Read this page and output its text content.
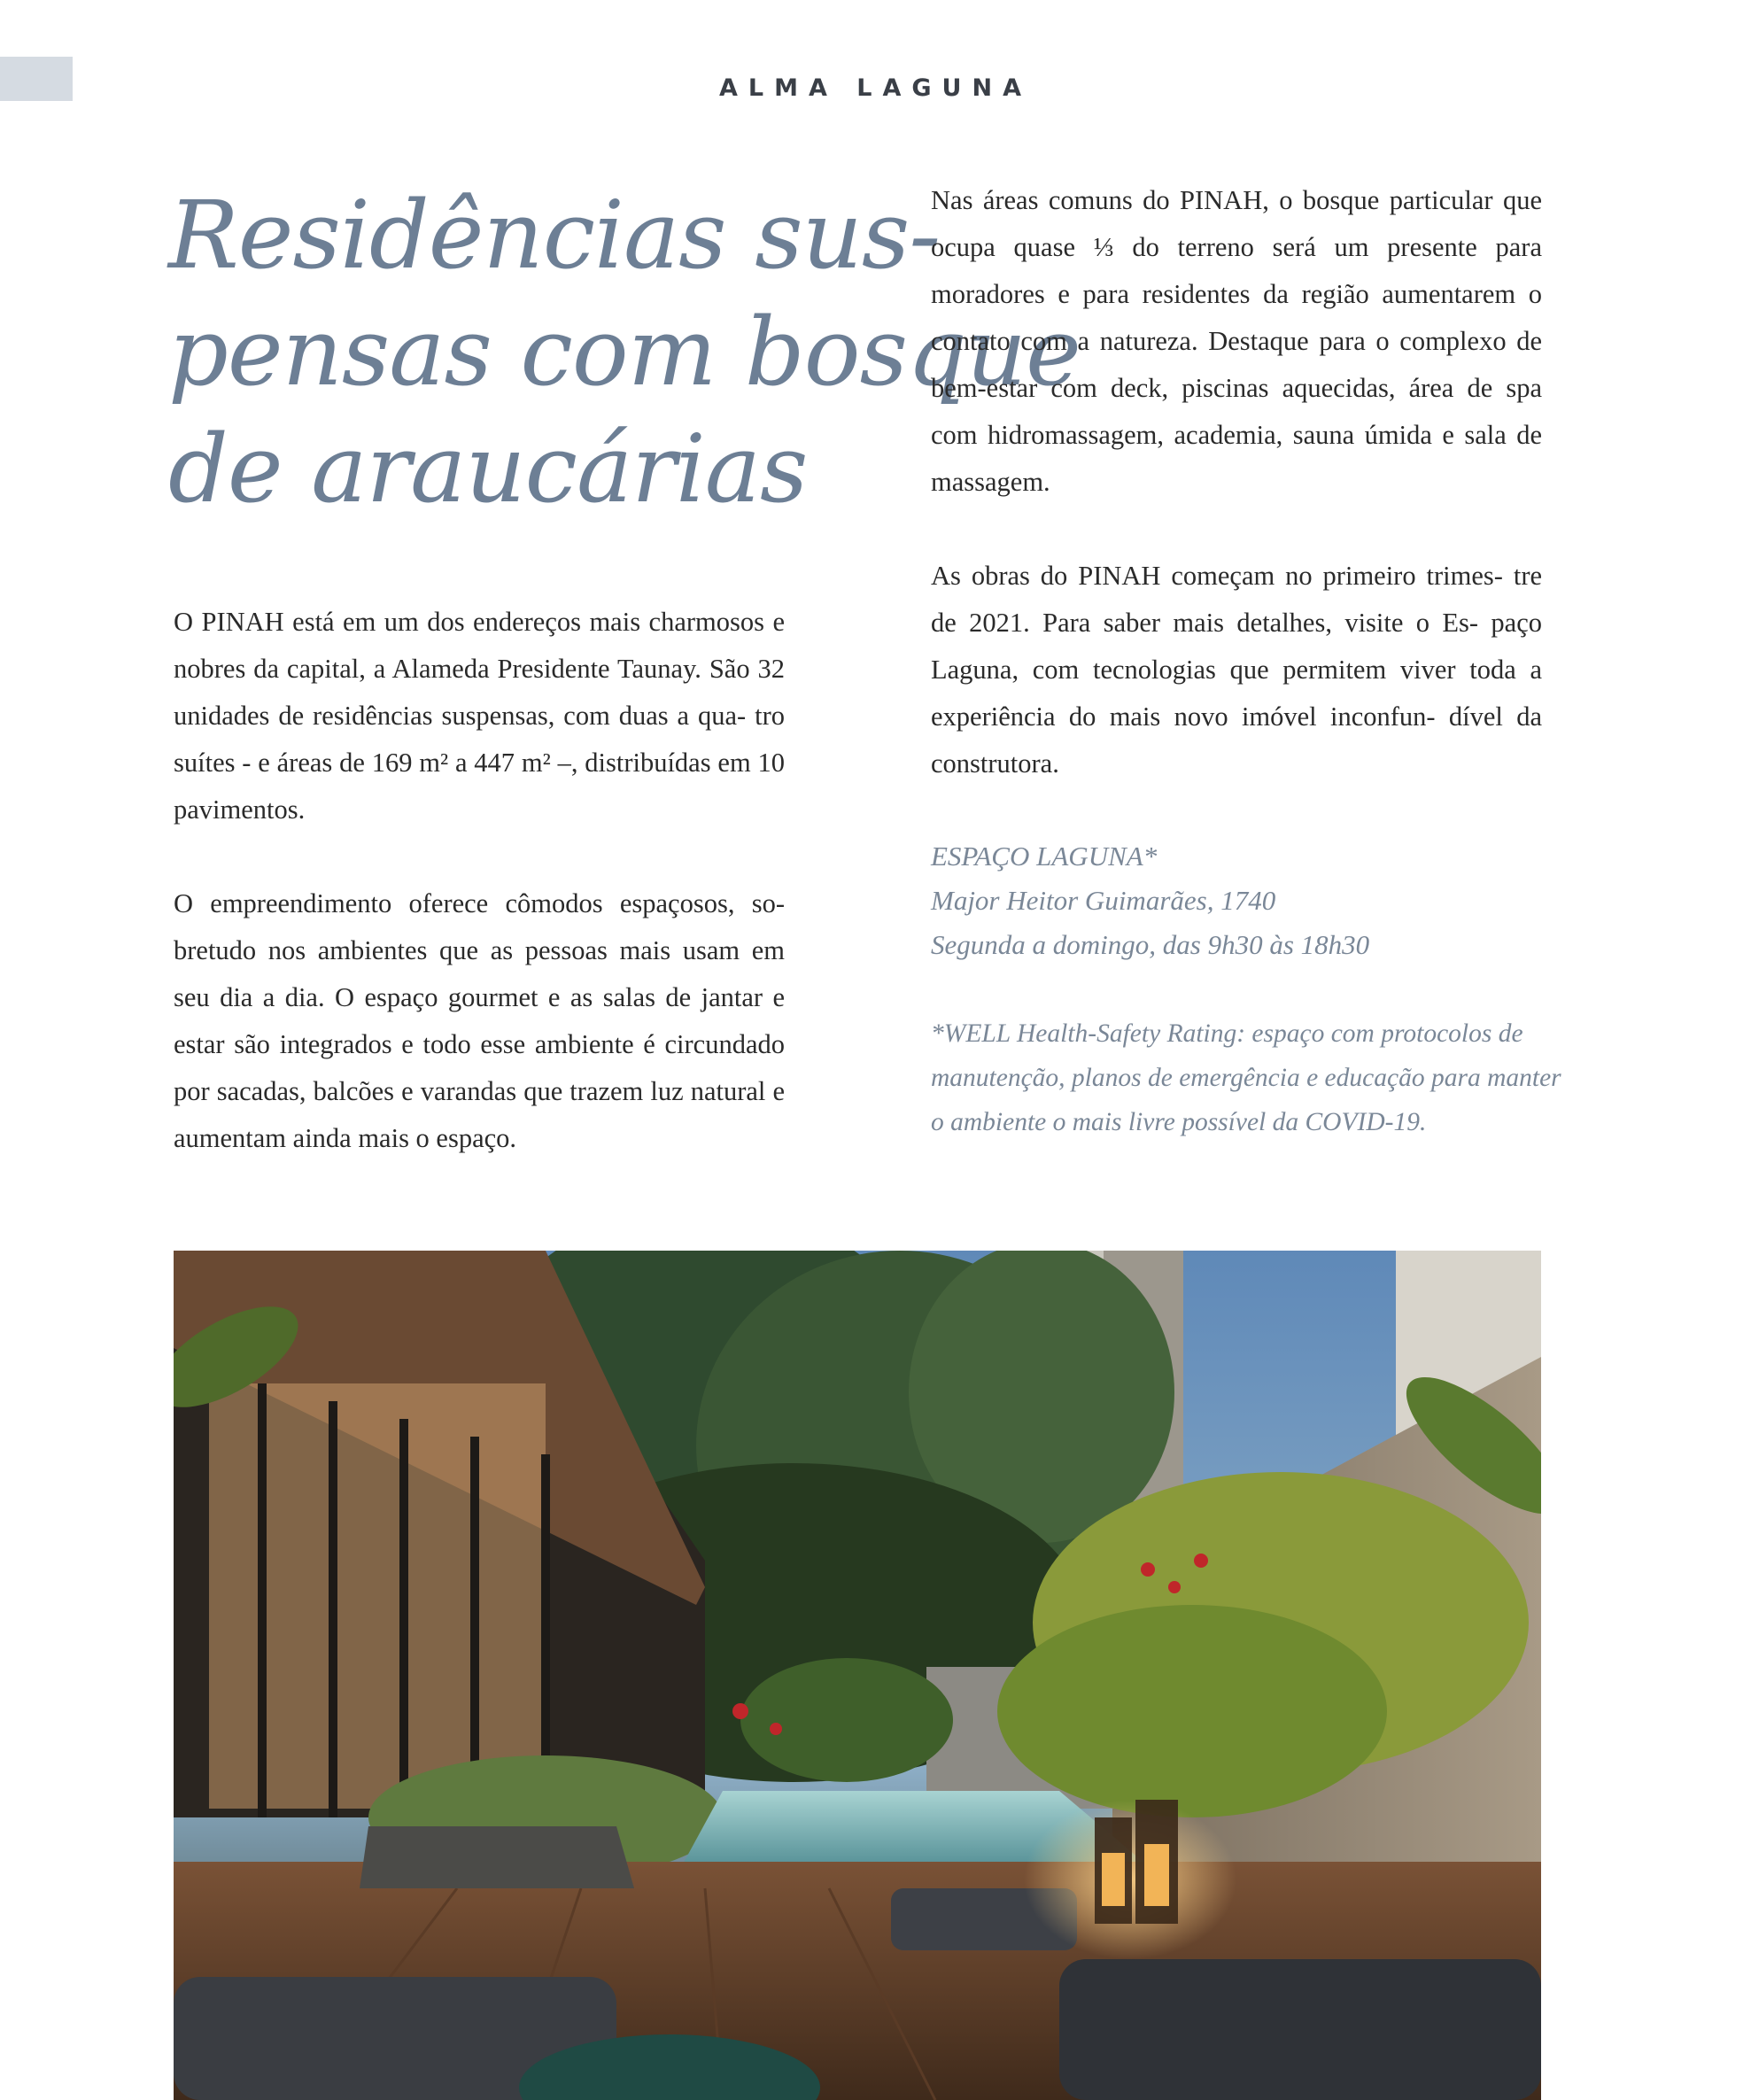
ALMA LAGUNA
Residências sus-
pensas com bosque
de araucárias

O PINAH está em um dos endereços mais charmosos e nobres da capital, a Alameda Presidente Taunay. São 32 unidades de residências suspensas, com duas a qua- tro suítes - e áreas de 169 m² a 447 m² –, distribuídas em 10 pavimentos.

O empreendimento oferece cômodos espaçosos, so- bretudo nos ambientes que as pessoas mais usam em seu dia a dia. O espaço gourmet e as salas de jantar e estar são integrados e todo esse ambiente é circundado por sacadas, balcões e varandas que trazem luz natural e aumentam ainda mais o espaço.

Nas áreas comuns do PINAH, o bosque particular que ocupa quase ⅓ do terreno será um presente para moradores e para residentes da região aumentarem o contato com a natureza. Destaque para o complexo de bem-estar com deck, piscinas aquecidas, área de spa com hidromassagem, academia, sauna úmida e sala de massagem.

As obras do PINAH começam no primeiro trimes- tre de 2021. Para saber mais detalhes, visite o Es- paço Laguna, com tecnologias que permitem viver toda a experiência do mais novo imóvel inconfun- dível da construtora.

ESPAÇO LAGUNA*
Major Heitor Guimarães, 1740
Segunda a domingo, das 9h30 às 18h30
*WELL Health-Safety Rating: espaço com protocolos de
manutenção, planos de emergência e educação para manter
o ambiente o mais livre possível da COVID-19.
